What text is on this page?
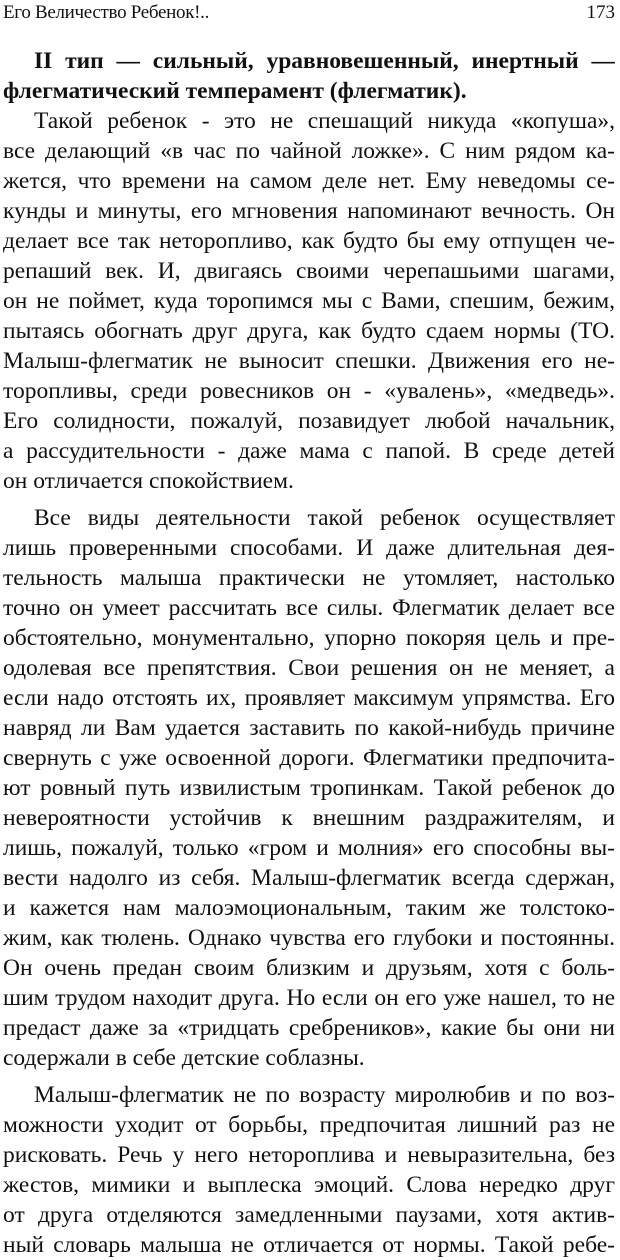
Его Величество Ребенок!..	173
II тип — сильный, уравновешенный, инертный —
флегматический темперамент (флегматик).
Такой ребенок - это не спешащий никуда «копуша»,
все делающий «в час по чайной ложке». С ним рядом ка-
жется, что времени на самом деле нет. Ему неведомы се-
кунды и минуты, его мгновения напоминают вечность. Он
делает все так неторопливо, как будто бы ему отпущен че-
репаший век. И, двигаясь своими черепашьими шагами,
он не поймет, куда торопимся мы с Вами, спешим, бежим,
пытаясь обогнать друг друга, как будто сдаем нормы (ТО.
Малыш-флегматик не выносит спешки. Движения его не-
торопливы, среди ровесников он - «увалень», «медведь».
Его солидности, пожалуй, позавидует любой начальник,
а рассудительности - даже мама с папой. В среде детей
он отличается спокойствием.
Все виды деятельности такой ребенок осуществляет
лишь проверенными способами. И даже длительная дея-
тельность малыша практически не утомляет, настолько
точно он умеет рассчитать все силы. Флегматик делает все
обстоятельно, монументально, упорно покоряя цель и пре-
одолевая все препятствия. Свои решения он не меняет, а
если надо отстоять их, проявляет максимум упрямства. Его
навряд ли Вам удается заставить по какой-нибудь причине
свернуть с уже освоенной дороги. Флегматики предпочита-
ют ровный путь извилистым тропинкам. Такой ребенок до
невероятности устойчив к внешним раздражителям, и
лишь, пожалуй, только «гром и молния» его способны вы-
вести надолго из себя. Малыш-флегматик всегда сдержан,
и кажется нам малоэмоциональным, таким же толстоко-
жим, как тюлень. Однако чувства его глубоки и постоянны.
Он очень предан своим близким и друзьям, хотя с боль-
шим трудом находит друга. Но если он его уже нашел, то не
предаст даже за «тридцать сребреников», какие бы они ни
содержали в себе детские соблазны.
Малыш-флегматик не по возрасту миролюбив и по воз-
можности уходит от борьбы, предпочитая лишний раз не
рисковать. Речь у него нетороплива и невыразительна, без
жестов, мимики и выплеска эмоций. Слова нередко друг
от друга отделяются замедленными паузами, хотя актив-
ный словарь малыша не отличается от нормы. Такой ребе-
